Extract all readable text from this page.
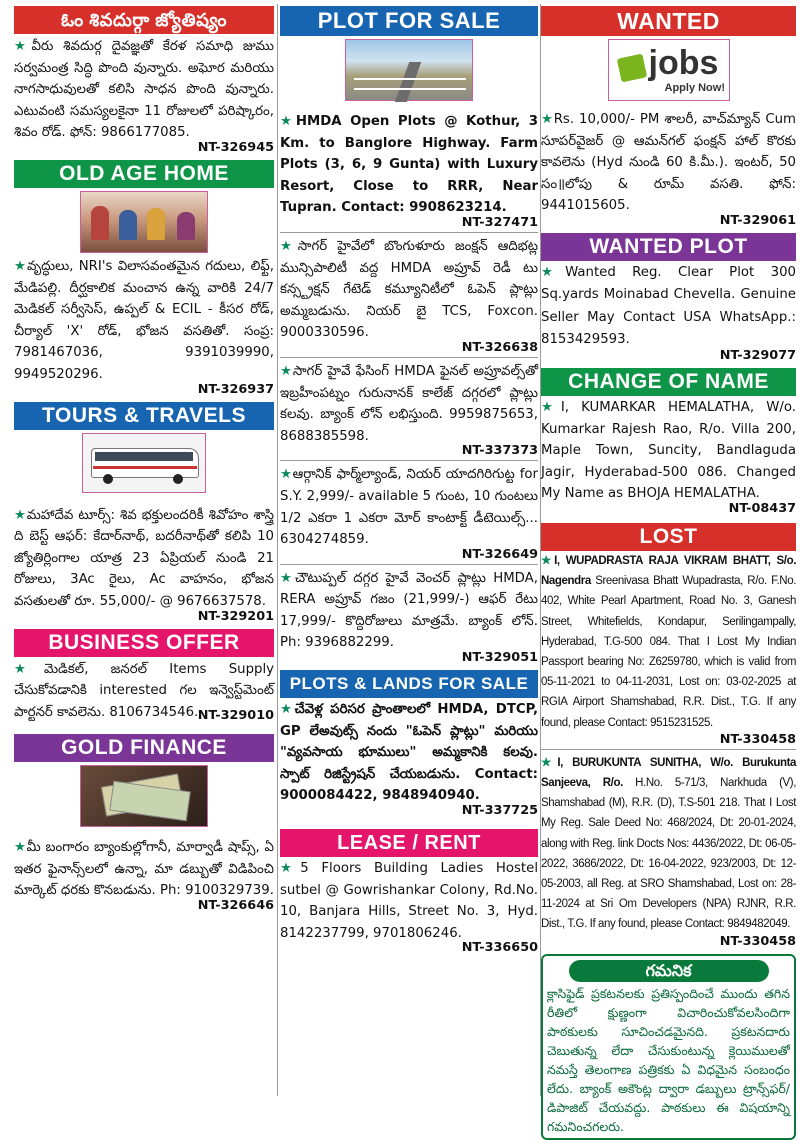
ఓం శివదుర్గా జ్యోతిష్యం
★వీరు శివదుర్గ దైవజ్ఞతో కేరళ సమాధి జుము సర్వమంత్ర సిద్ధి పొంది వున్నారు. అఘోర మరియు నాగసాధువులతో కలిసి సాధన పొంది వున్నారు. ఎటువంటి సమస్యలకైనా 11 రోజులలో పరిష్కారం, శివం రోడ్. ఫోన్: 9866177085.
NT-326945
OLD AGE HOME
★వృద్ధులు, NRI's విలాసవంతమైన గదులు, లిఫ్ట్, మేడిపల్లి. దీర్ఘకాలిక మంచాన ఉన్న వారికి 24/7 మెడికల్ సర్వీసెస్, ఉప్పల్ & ECIL - కీసర రోడ్, చీర్యాల్ 'X' రోడ్, భోజన వసతితో. సంప్ర: 7981467036, 9391039990, 9949520296.
NT-326937
TOURS & TRAVELS
★మహాదేవ టూర్స్: శివ భక్తులందరికీ శివోహం శాస్త్రి ది బెస్ట్ ఆఫర్: కేదార్‌నాథ్, బదరీనాథ్‌తో కలిపి 10 జ్యోతిర్లింగాల యాత్ర 23 ఏప్రియల్ నుండి 21 రోజులు, 3Ac రైలు, Ac వాహనం, భోజన వసతులతో రూ. 55,000/- @ 9676637578.
NT-329201
BUSINESS OFFER
★మెడికల్, జనరల్ Items Supply చేసుకోవడానికి interested గల ఇన్వెస్ట్‌మెంట్ పార్టనర్ కావలెను. 8106734546. NT-329010
GOLD FINANCE
★మీ బంగారం బ్యాంకుల్లోగానీ, మార్వాడీ షాప్స్, ఏ ఇతర ఫైనాన్స్‌లలో ఉన్నా, మా డబ్బుతో విడిపించి మార్కెట్ ధరకు కొనబడును. Ph: 9100329739.
NT-326646
PLOT FOR SALE
★HMDA Open Plots @ Kothur, 3 Km. to Banglore Highway. Farm Plots (3, 6, 9 Gunta) with Luxury Resort, Close to RRR, Near Tupran. Contact: 9908623214.
NT-327471
★సాగర్ హైవేలో బొంగుళూరు జంక్షన్ ఆదిభట్ల మున్సిపాలిటీ వద్ద HMDA అప్రూవ్ రెడీ టు కన్స్ట్రక్షన్ గేటెడ్ కమ్యూనిటీలో ఓపెన్ ప్లాట్లు అమ్మబడును. నియర్ బై TCS, Foxcon. 9000330596.
NT-326638
★సాగర్ హైవే ఫేసింగ్ HMDA ఫైనల్ అప్రూవల్స్‌తో ఇబ్రహీంపట్నం గురునానక్ కాలేజ్ దగ్గరలో ప్లాట్లు కలవు. బ్యాంక్ లోన్ లభిస్తుంది. 9959875653, 8688385598.
NT-337373
★ఆర్గానిక్ ఫార్మ్‌ల్యాండ్, నియర్ యాదగిరిగుట్ట for S.Y. 2,999/- available 5 గుంట, 10 గుంటలు 1/2 ఎకరా 1 ఎకరా మోర్ కాంటాక్ట్ డీటెయిల్స్... 6304274859.
NT-326649
★చౌటుప్పల్ దగ్గర హైవే వెంచర్ ప్లాట్లు HMDA, RERA అప్రూవ్ గజం (21,999/-) ఆఫర్ రేటు 17,999/- కొద్దిరోజులు మాత్రమే. బ్యాంక్ లోన్. Ph: 9396882299.
NT-329051
PLOTS & LANDS FOR SALE
★చేవెళ్ల పరిసర ప్రాంతాలలో HMDA, DTCP, GP లేఅవుట్స్ నందు "ఓపెన్ ప్లాట్లు" మరియు "వ్యవసాయ భూములు" అమ్మకానికి కలవు. స్పాట్ రిజిస్ట్రేషన్ చేయబడును. Contact: 9000084422, 9848940940.
NT-337725
LEASE / RENT
★5 Floors Building Ladies Hostel sutbel @ Gowrishankar Colony, Rd.No. 10, Banjara Hills, Street No. 3, Hyd. 8142237799, 9701806246.
NT-336650
WANTED
jobs
Apply Now!
★Rs. 10,000/- PM శాలరీ, వాచ్‌మ్యాన్ Cum సూపర్‌వైజర్ @ ఆమన్‌గల్ ఫంక్షన్ హాల్ కొరకు కావలెను (Hyd నుండి 60 కి.మీ.). ఇంటర్, 50 సం॥లోపు & రూమ్ వసతి. ఫోన్: 9441015605.
NT-329061
WANTED PLOT
★Wanted Reg. Clear Plot 300 Sq.yards Moinabad Chevella. Genuine Seller May Contact USA WhatsApp.: 8153429593.
NT-329077
CHANGE OF NAME
★I, KUMARKAR HEMALATHA, W/o. Kumarkar Rajesh Rao, R/o. Villa 200, Maple Town, Suncity, Bandlaguda Jagir, Hyderabad-500 086. Changed My Name as BHOJA HEMALATHA.
NT-08437
LOST
★I, WUPADRASTA RAJA VIKRAM BHATT, S/o. Nagendra Sreenivasa Bhatt Wupadrasta, R/o. F.No. 402, White Pearl Apartment, Road No. 3, Ganesh Street, Whitefields, Kondapur, Serilingampally, Hyderabad, T.G-500 084. That I Lost My Indian Passport bearing No: Z6259780, which is valid from 05-11-2021 to 04-11-2031, Lost on: 03-02-2025 at RGIA Airport Shamshabad, R.R. Dist., T.G. If any found, please Contact: 9515231525.
NT-330458
★I, BURUKUNTA SUNITHA, W/o. Burukunta Sanjeeva, R/o. H.No. 5-71/3, Narkhuda (V), Shamshabad (M), R.R. (D), T.S-501 218. That I Lost My Reg. Sale Deed No: 468/2024, Dt: 20-01-2024, along with Reg. link Docts Nos: 4436/2022, Dt: 06-05-2022, 3686/2022, Dt: 16-04-2022, 923/2003, Dt: 12-05-2003, all Reg. at SRO Shamshabad, Lost on: 28-11-2024 at Sri Om Developers (NPA) RJNR, R.R. Dist., T.G. If any found, please Contact: 9849482049.
NT-330458
గమనిక
క్లాసిఫైడ్ ప్రకటనలకు ప్రతిస్పందించే ముందు తగిన రీతిలో క్షుణ్ణంగా విచారించుకోవలసిందిగా పాఠకులకు సూచించడమైనది. ప్రకటనదారు చెబుతున్న లేదా చేసుకుంటున్న క్లెయిములతో నమస్తే తెలంగాణ పత్రికకు ఏ విధమైన సంబంధం లేదు. బ్యాంక్ అకౌంట్ల ద్వారా డబ్బులు ట్రాన్స్‌ఫర్/డిపాజిట్ చేయవద్దు. పాఠకులు ఈ విషయాన్ని గమనించగలరు.
